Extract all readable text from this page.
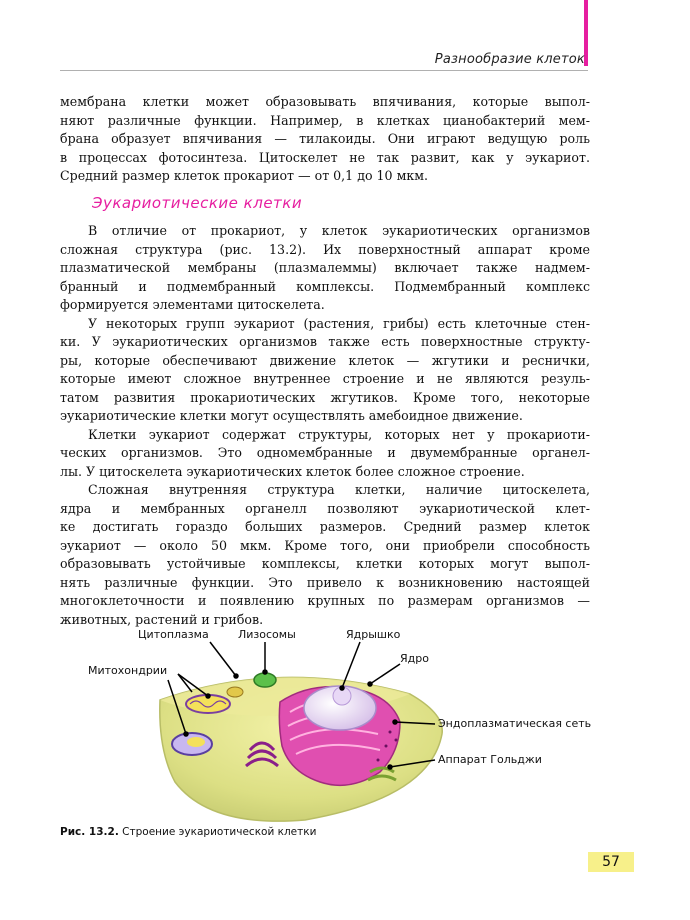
Разнообразие клеток
мембрана клетки может образовывать впячивания, которые выпол-
няют различные функции. Например, в клетках цианобактерий мем-
брана образует впячивания — тилакоиды. Они играют ведущую роль
в процессах фотосинтеза. Цитоскелет не так развит, как у эукариот.
Средний размер клеток прокариот — от 0,1 до 10 мкм.
Эукариотические клетки
В отличие от прокариот, у клеток эукариотических организмов
сложная структура (рис. 13.2). Их поверхностный аппарат кроме
плазматической мембраны (плазмалеммы) включает также надмем-
бранный и подмембранный комплексы. Подмембранный комплекс
формируется элементами цитоскелета.
У некоторых групп эукариот (растения, грибы) есть клеточные стен-
ки. У эукариотических организмов также есть поверхностные структу-
ры, которые обеспечивают движение клеток — жгутики и реснички,
которые имеют сложное внутреннее строение и не являются резуль-
татом развития прокариотических жгутиков. Кроме того, некоторые
эукариотические клетки могут осуществлять амебоидное движение.
Клетки эукариот содержат структуры, которых нет у прокариоти-
ческих организмов. Это одномембранные и двумембранные органел-
лы. У цитоскелета эукариотических клеток более сложное строение.
Сложная внутренняя структура клетки, наличие цитоскелета,
ядра и мембранных органелл позволяют эукариотической клет-
ке достигать гораздо больших размеров. Средний размер клеток
эукариот — около 50 мкм. Кроме того, они приобрели способность
образовывать устойчивые комплексы, клетки которых могут выпол-
нять различные функции. Это привело к возникновению настоящей
многоклеточности и появлению крупных по размерам организмов —
животных, растений и грибов.
Цитоплазма	Лизосомы	Ядрышко
Ядро
Митохондрии
Эндоплазматическая сеть
Аппарат Гольджи
Рис. 13.2. Строение эукариотической клетки
57
